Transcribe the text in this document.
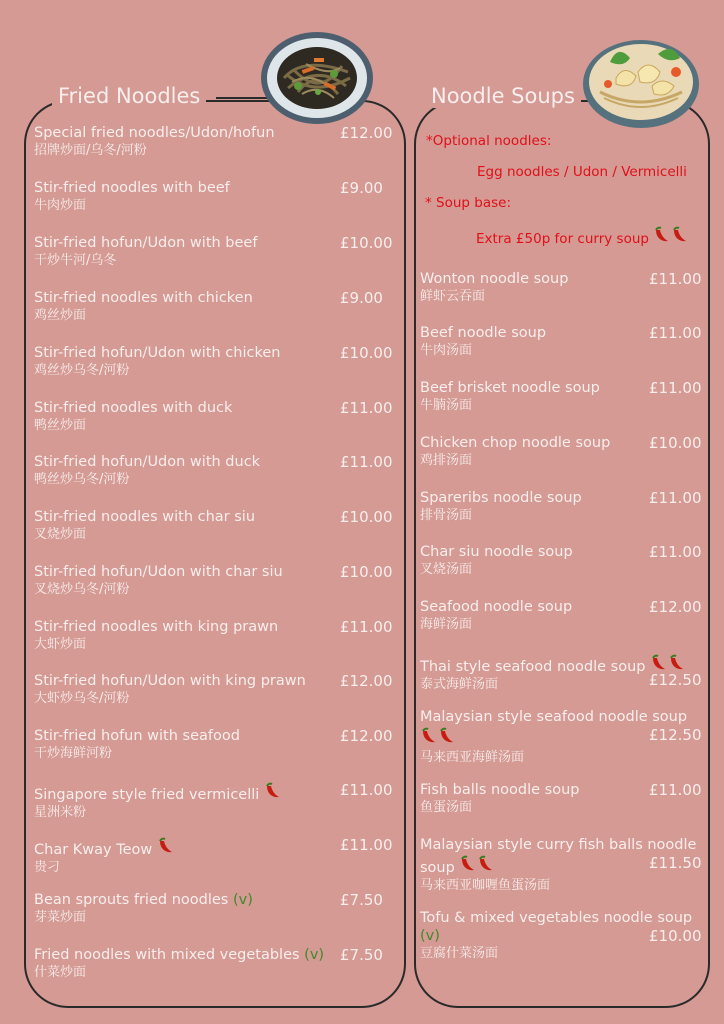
Fried Noodles	Noodle Soups
*Optional noodles:
Egg noodles / Udon / Vermicelli
* Soup base:
Extra £50p for curry soup
Special fried noodles/Udon/hofun
招牌炒面/乌冬/河粉
£12.00
Stir-fried noodles with beef
牛肉炒面
£9.00
Stir-fried hofun/Udon with beef
干炒牛河/乌冬
£10.00
Stir-fried noodles with chicken
鸡丝炒面
£9.00
Stir-fried hofun/Udon with chicken
鸡丝炒乌冬/河粉
£10.00
Stir-fried noodles with duck
鸭丝炒面
£11.00
Stir-fried hofun/Udon with duck
鸭丝炒乌冬/河粉
£11.00
Stir-fried noodles with char siu
叉烧炒面
£10.00
Stir-fried hofun/Udon with char siu
叉烧炒乌冬/河粉
£10.00
Stir-fried noodles with king prawn
大虾炒面
£11.00
Stir-fried hofun/Udon with king prawn
大虾炒乌冬/河粉
£12.00
Stir-fried hofun with seafood
干炒海鲜河粉
£12.00
Singapore style fried vermicelli
星洲米粉
£11.00
Char Kway Teow
贵刁
£11.00
Bean sprouts fried noodles (v)
芽菜炒面
£7.50
Fried noodles with mixed vegetables (v)
什菜炒面
£7.50
Wonton noodle soup
鲜虾云吞面
£11.00
Beef noodle soup
牛肉汤面
£11.00
Beef brisket noodle soup
牛腩汤面
£11.00
Chicken chop noodle soup
鸡排汤面
£10.00
Spareribs noodle soup
排骨汤面
£11.00
Char siu noodle soup
叉烧汤面
£11.00
Seafood noodle soup
海鲜汤面
£12.00
Thai style seafood noodle soup
泰式海鲜汤面	£12.50
Malaysian style seafood noodle soup
马来西亚海鲜汤面
£12.50
Fish balls noodle soup
鱼蛋汤面
£11.00
Malaysian style curry fish balls noodle
soup
马来西亚咖喱鱼蛋汤面
£11.50
Tofu & mixed vegetables noodle soup
(v)
豆腐什菜汤面
£10.00
